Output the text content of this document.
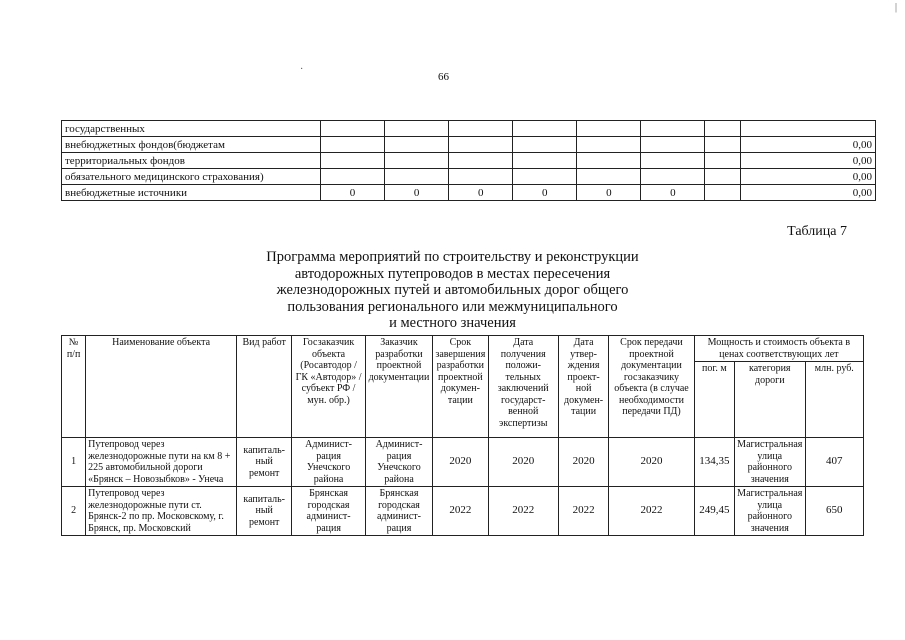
66
·
|
государственных								
внебюджетных фондов(бюджетам								0,00
территориальных фондов								0,00
обязательного медицинского страхования)								0,00
внебюджетные источники	0	0	0	0	0	0		0,00
Таблица 7
Программа мероприятий по строительству и реконструкции
автодорожных путепроводов в местах пересечения
железнодорожных путей и автомобильных дорог общего
пользования регионального или межмуниципального
и местного значения
№ п/п	Наименование объекта	Вид работ	Госзаказчик объекта (Росавтодор / ГК «Автодор» / субъект РФ / мун. обр.)	Заказчик разработки проектной документации	Срок завершения разработки проектной докумен-тации	Дата получения положи-тельных заключений государст-венной экспертизы	Дата утвер-ждения проект-ной докумен-тации	Срок передачи проектной документации госзаказчику объекта (в случае необходимости передачи ПД)	Мощность и стоимость объекта в ценах соответствующих лет		
									пог. м	категория дороги	млн. руб.
1	Путепровод через железнодорожные пути на км 8 + 225 автомобильной дороги «Брянск – Новозыбков» - Унеча	капиталь-ный ремонт	Админист-рация Унечского района	Админист-рация Унечского района	2020	2020	2020	2020	134,35	Магистральная улица районного значения	407
2	Путепровод через железнодорожные пути ст. Брянск-2 по пр. Московскому, г. Брянск, пр. Московский	капиталь-ный ремонт	Брянская городская админист-рация	Брянская городская админист-рация	2022	2022	2022	2022	249,45	Магистральная улица районного значения	650
